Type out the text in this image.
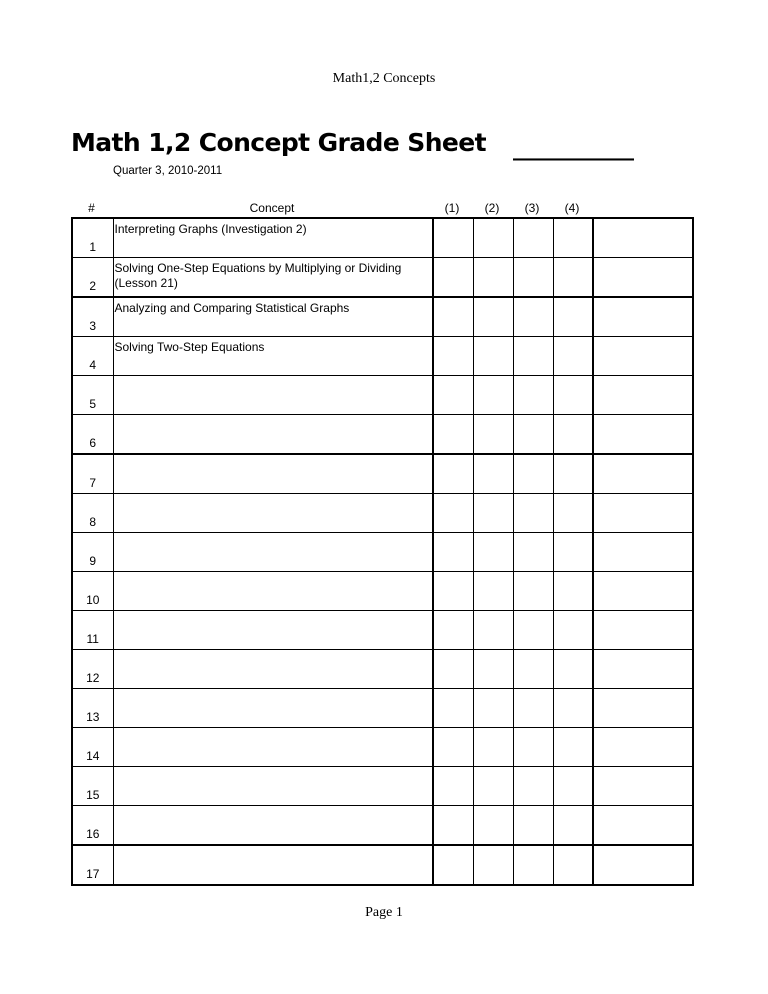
Math1,2 Concepts
Math 1,2 Concept Grade Sheet ___________
Quarter 3, 2010-2011
#	Concept	(1)	(2)	(3)	(4)
1	Interpreting Graphs (Investigation 2)					

2	Solving One-Step Equations by Multiplying or Dividing (Lesson 21)					

3	Analyzing and Comparing Statistical Graphs					

4	Solving Two-Step Equations					

5						

6						

7						

8						

9						

10						

11						

12						

13						

14						

15						

16						

17						

Page 1
